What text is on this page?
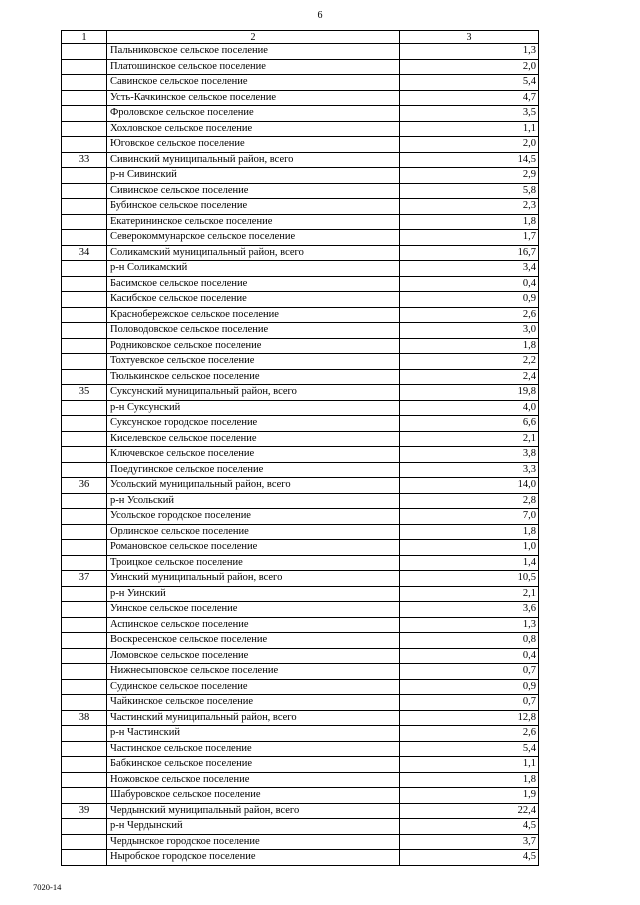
6
1	2	3
	Пальниковское сельское поселение	1,3
	Платошинское сельское поселение	2,0
	Савинское сельское поселение	5,4
	Усть-Качкинское сельское поселение	4,7
	Фроловское сельское поселение	3,5
	Хохловское сельское поселение	1,1
	Юговское сельское поселение	2,0
33	Сивинский муниципальный район, всего	14,5
	р-н Сивинский	2,9
	Сивинское сельское поселение	5,8
	Бубинское сельское поселение	2,3
	Екатерининское сельское поселение	1,8
	Северокоммунарское сельское поселение	1,7
34	Соликамский муниципальный район, всего	16,7
	р-н Соликамский	3,4
	Басимское сельское поселение	0,4
	Касибское сельское поселение	0,9
	Краснобережское сельское поселение	2,6
	Половодовское сельское поселение	3,0
	Родниковское сельское поселение	1,8
	Тохтуевское сельское поселение	2,2
	Тюлькинское сельское поселение	2,4
35	Суксунский муниципальный район, всего	19,8
	р-н Суксунский	4,0
	Суксунское городское поселение	6,6
	Киселевское сельское поселение	2,1
	Ключевское сельское поселение	3,8
	Поедугинское сельское поселение	3,3
36	Усольский муниципальный район, всего	14,0
	р-н Усольский	2,8
	Усольское городское поселение	7,0
	Орлинское сельское поселение	1,8
	Романовское сельское поселение	1,0
	Троицкое сельское поселение	1,4
37	Уинский муниципальный район, всего	10,5
	р-н Уинский	2,1
	Уинское сельское поселение	3,6
	Аспинское сельское поселение	1,3
	Воскресенское сельское поселение	0,8
	Ломовское сельское поселение	0,4
	Нижнесыповское сельское поселение	0,7
	Судинское сельское поселение	0,9
	Чайкинское сельское поселение	0,7
38	Частинский муниципальный район, всего	12,8
	р-н Частинский	2,6
	Частинское сельское поселение	5,4
	Бабкинское сельское поселение	1,1
	Ножовское сельское поселение	1,8
	Шабуровское сельское поселение	1,9
39	Чердынский муниципальный район, всего	22,4
	р-н Чердынский	4,5
	Чердынское городское поселение	3,7
	Ныробское городское поселение	4,5
7020-14
